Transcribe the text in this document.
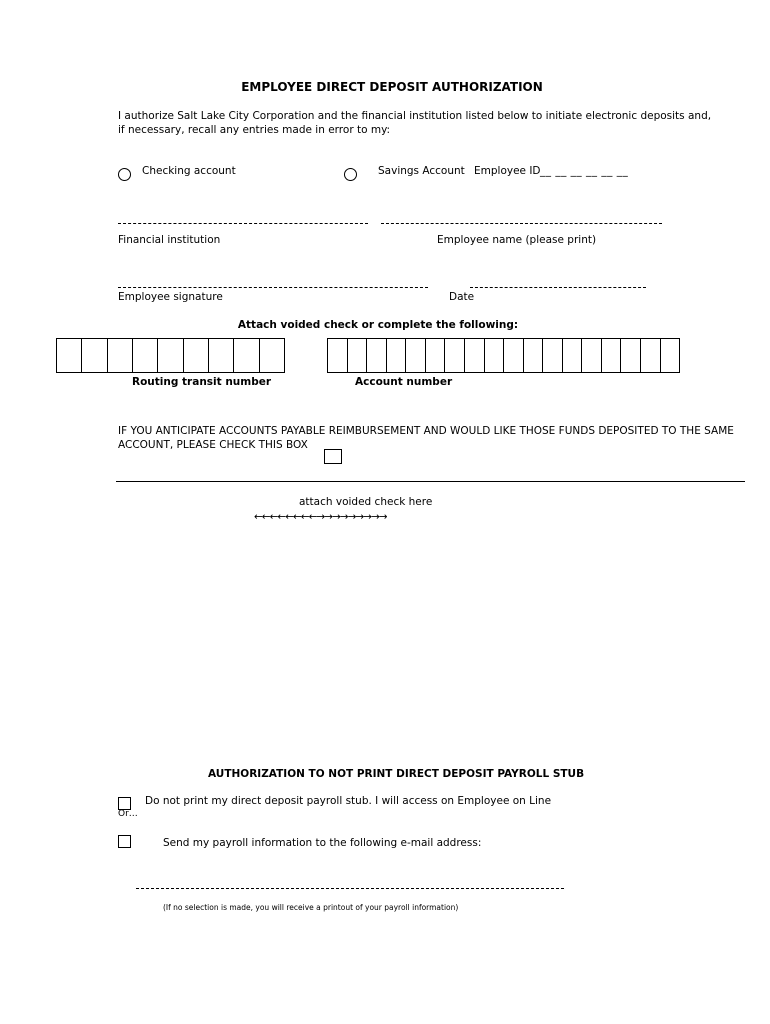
EMPLOYEE DIRECT DEPOSIT AUTHORIZATION
I authorize Salt Lake City Corporation and the financial institution listed below to initiate electronic deposits and,
if necessary, recall any entries made in error to my:
Checking account	Savings Account Employee ID __ __ __ __ __ __
Financial institution	Employee name (please print)
Employee signature	Date
Attach voided check or complete the following:
Routing transit number	Account number
IF YOU ANTICIPATE ACCOUNTS PAYABLE REIMBURSEMENT AND WOULD LIKE THOSE FUNDS DEPOSITED TO THE SAME
ACCOUNT, PLEASE CHECK THIS BOX
attach voided check here
←←←←←←←←→→→→→→→→→
AUTHORIZATION TO NOT PRINT DIRECT DEPOSIT PAYROLL STUB
Do not print my direct deposit payroll stub. I will access on Employee on Line
Or…
Send my payroll information to the following e-mail address:
(If no selection is made, you will receive a printout of your payroll information)
